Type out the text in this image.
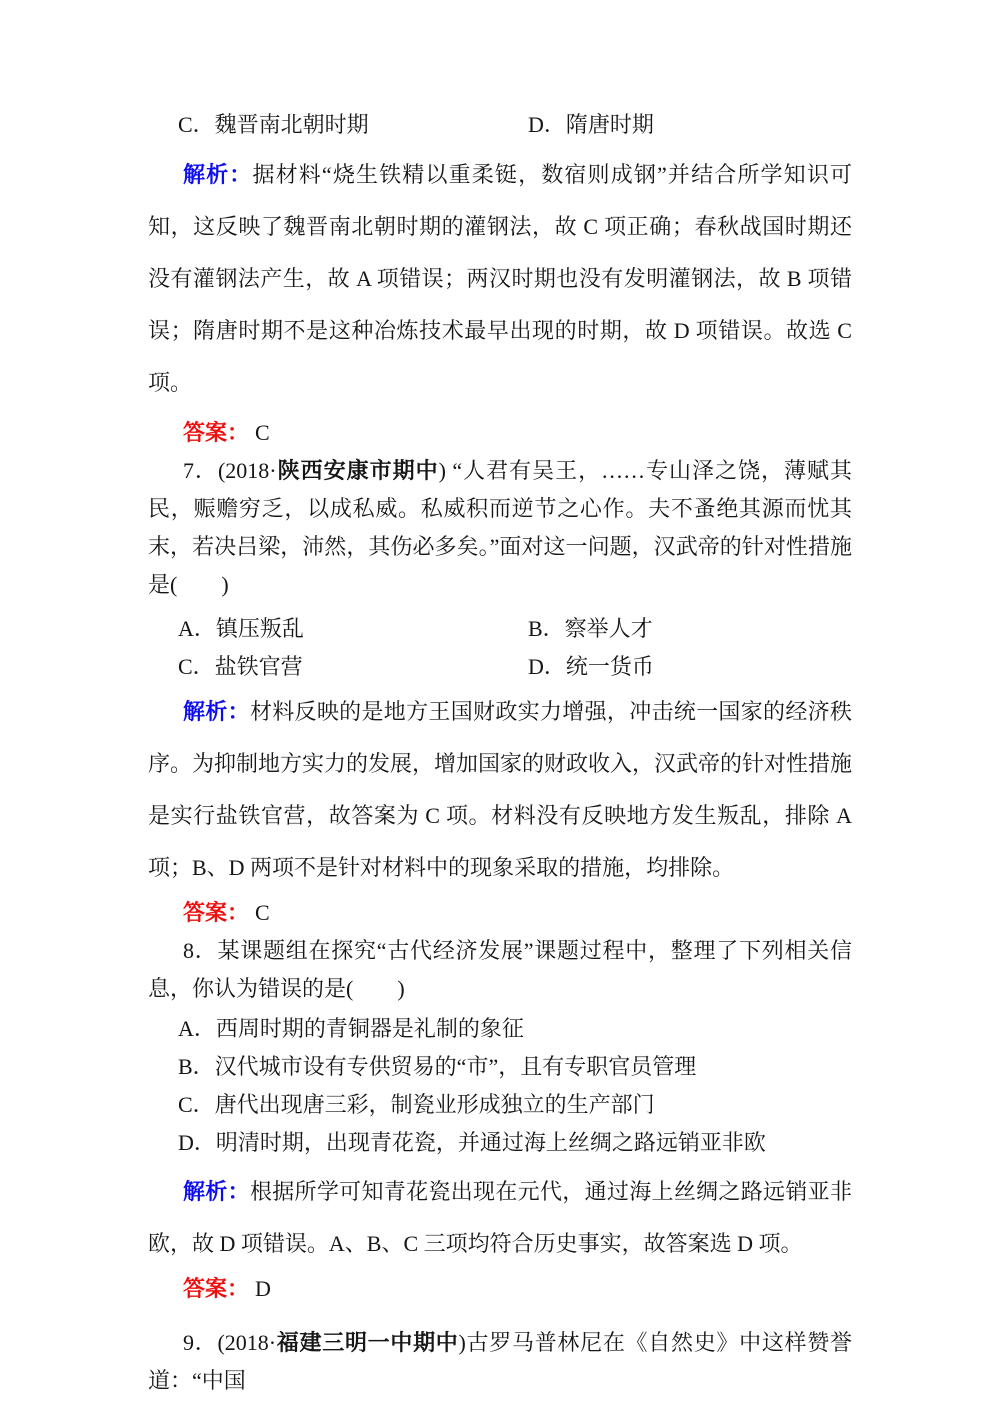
C．魏晋南北朝时期	D．隋唐时期

解析：据材料“烧生铁精以重柔铤，数宿则成钢”并结合所学知识可知，这反映了魏晋南北朝时期的灌钢法，故 C 项正确；春秋战国时期还没有灌钢法产生，故 A 项错误；两汉时期也没有发明灌钢法，故 B 项错误；隋唐时期不是这种冶炼技术最早出现的时期，故 D 项错误。故选 C 项。

答案： C

7．(2018·陕西安康市期中) “人君有吴王，……专山泽之饶，薄赋其民，赈赡穷乏，以成私威。私威积而逆节之心作。夫不蚤绝其源而忧其末，若决吕梁，沛然，其伤必多矣。”面对这一问题，汉武帝的针对性措施是(　　)

A．镇压叛乱	B．察举人才
C．盐铁官营	D．统一货币

解析：材料反映的是地方王国财政实力增强，冲击统一国家的经济秩序。为抑制地方实力的发展，增加国家的财政收入，汉武帝的针对性措施是实行盐铁官营，故答案为 C 项。材料没有反映地方发生叛乱，排除 A 项；B、D 两项不是针对材料中的现象采取的措施，均排除。

答案： C

8．某课题组在探究“古代经济发展”课题过程中，整理了下列相关信息，你认为错误的是(　　)

A．西周时期的青铜器是礼制的象征
B．汉代城市设有专供贸易的“市”，且有专职官员管理
C．唐代出现唐三彩，制瓷业形成独立的生产部门
D．明清时期，出现青花瓷，并通过海上丝绸之路远销亚非欧

解析：根据所学可知青花瓷出现在元代，通过海上丝绸之路远销亚非欧，故 D 项错误。A、B、C 三项均符合历史事实，故答案选 D 项。

答案： D

9．(2018·福建三明一中期中)古罗马普林尼在《自然史》中这样赞誉道：“中国
